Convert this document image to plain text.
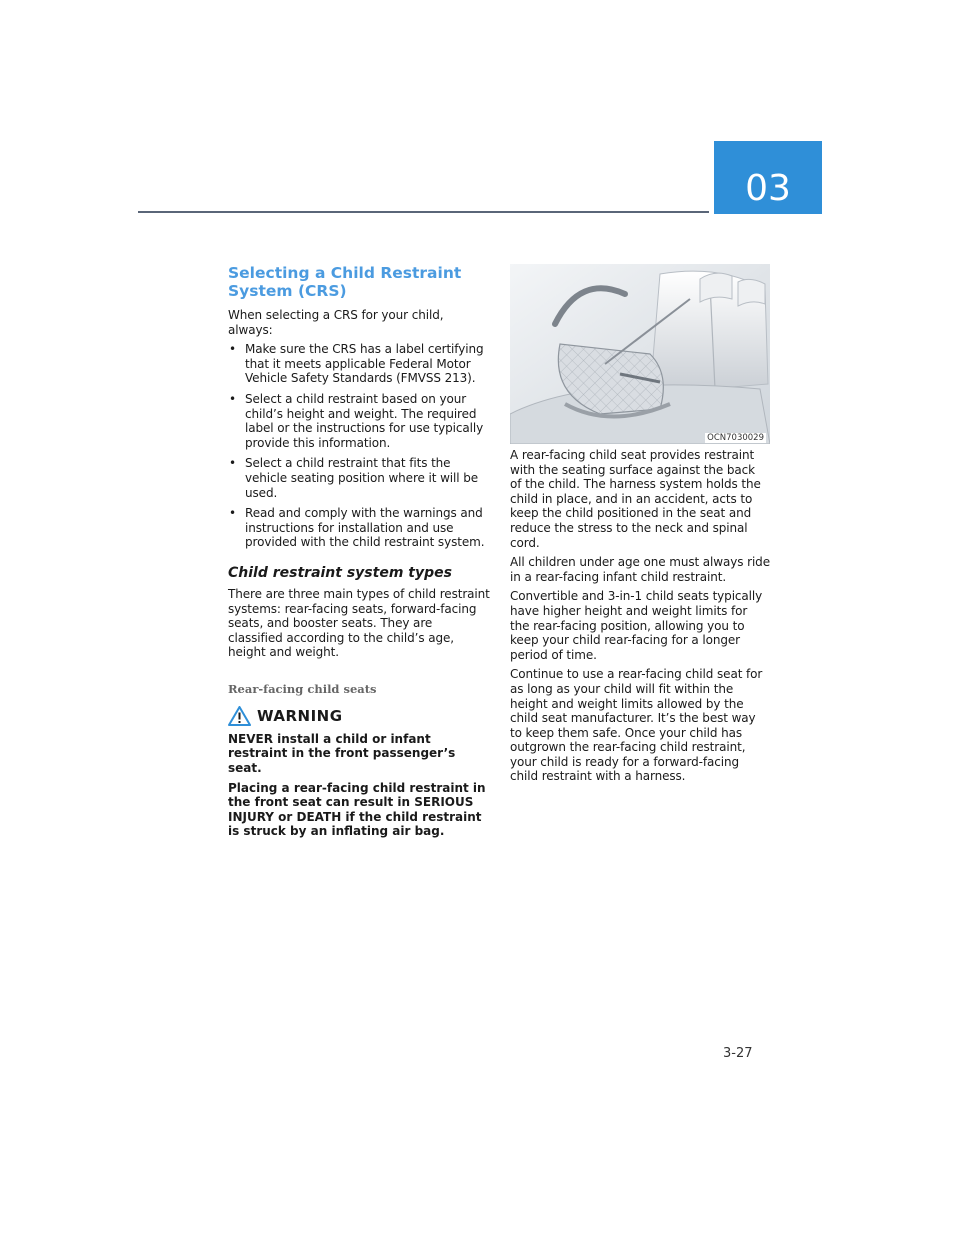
03
Selecting a Child Restraint System (CRS)

When selecting a CRS for your child, always:

• Make sure the CRS has a label certifying that it meets applicable Federal Motor Vehicle Safety Standards (FMVSS 213).
• Select a child restraint based on your child’s height and weight. The required label or the instructions for use typically provide this information.
• Select a child restraint that fits the vehicle seating position where it will be used.
• Read and comply with the warnings and instructions for installation and use provided with the child restraint system.
Child restraint system types

There are three main types of child restraint systems: rear-facing seats, forward-facing seats, and booster seats. They are classified according to the child’s age, height and weight.

Rear-facing child seats
WARNING

NEVER install a child or infant restraint in the front passenger’s seat.

Placing a rear-facing child restraint in the front seat can result in SERIOUS INJURY or DEATH if the child restraint is struck by an inflating air bag.

OCN7030029

A rear-facing child seat provides restraint with the seating surface against the back of the child. The harness system holds the child in place, and in an accident, acts to keep the child positioned in the seat and reduce the stress to the neck and spinal cord.

All children under age one must always ride in a rear-facing infant child restraint.

Convertible and 3-in-1 child seats typically have higher height and weight limits for the rear-facing position, allowing you to keep your child rear-facing for a longer period of time.

Continue to use a rear-facing child seat for as long as your child will fit within the height and weight limits allowed by the child seat manufacturer. It’s the best way to keep them safe. Once your child has outgrown the rear-facing child restraint, your child is ready for a forward-facing child restraint with a harness.

3-27
